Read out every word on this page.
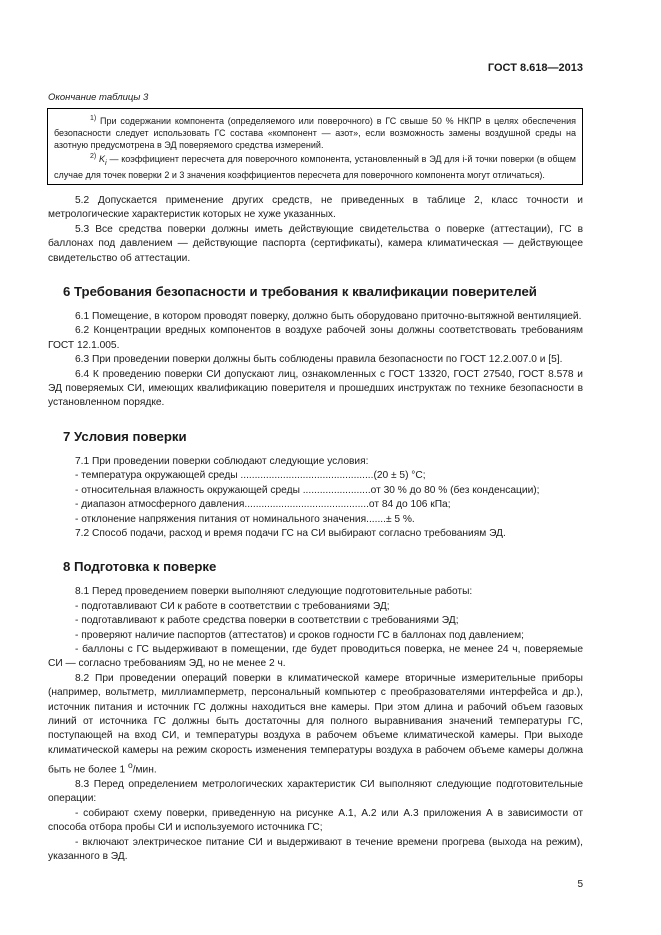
ГОСТ 8.618—2013
Окончание таблицы 3

$^{1)}$ При содержании компонента (определяемого или поверочного) в ГС свыше 50 % НКПР в целях обеспечения безопасности следует использовать ГС состава «компонент — азот», если возможность замены воздушной среды на азотную предусмотрена в ЭД поверяемого средства измерений.

$^{2)}$ $K_i$ — коэффициент пересчета для поверочного компонента, установленный в ЭД для i-й точки поверки (в общем случае для точек поверки 2 и 3 значения коэффициентов пересчета для поверочного компонента могут отличаться).

5.2 Допускается применение других средств, не приведенных в таблице 2, класс точности и метрологические характеристик которых не хуже указанных.

5.3 Все средства поверки должны иметь действующие свидетельства о поверке (аттестации), ГС в баллонах под давлением — действующие паспорта (сертификаты), камера климатическая — действующее свидетельство об аттестации.

6 Требования безопасности и требования к квалификации поверителей

6.1 Помещение, в котором проводят поверку, должно быть оборудовано приточно-вытяжной вентиляцией.

6.2 Концентрации вредных компонентов в воздухе рабочей зоны должны соответствовать требованиям ГОСТ 12.1.005.

6.3 При проведении поверки должны быть соблюдены правила безопасности по ГОСТ 12.2.007.0 и [5].

6.4 К проведению поверки СИ допускают лиц, ознакомленных с ГОСТ 13320, ГОСТ 27540, ГОСТ 8.578 и ЭД поверяемых СИ, имеющих квалификацию поверителя и прошедших инструктаж по технике безопасности в установленном порядке.

7 Условия поверки

7.1 При проведении поверки соблюдают следующие условия:

- температура окружающей среды ...............................................(20 ± 5) °С;

- относительная влажность окружающей среды ........................от 30 % до 80 % (без конденсации);

- диапазон атмосферного давления............................................от 84 до 106 кПа;

- отклонение напряжения питания от номинального значения.......± 5 %.

7.2 Способ подачи, расход и время подачи ГС на СИ выбирают согласно требованиям ЭД.

8 Подготовка к поверке

8.1 Перед проведением поверки выполняют следующие подготовительные работы:

- подготавливают СИ к работе в соответствии с требованиями ЭД;

- подготавливают к работе средства поверки в соответствии с требованиями ЭД;

- проверяют наличие паспортов (аттестатов) и сроков годности ГС в баллонах под давлением;

- баллоны с ГС выдерживают в помещении, где будет проводиться поверка, не менее 24 ч, поверяемые СИ — согласно требованиям ЭД, но не менее 2 ч.

8.2 При проведении операций поверки в климатической камере вторичные измерительные приборы (например, вольтметр, миллиамперметр, персональный компьютер с преобразователями интерфейса и др.), источник питания и источник ГС должны находиться вне камеры. При этом длина и рабочий объем газовых линий от источника ГС должны быть достаточны для полного выравнивания значений температуры ГС, поступающей на вход СИ, и температуры воздуха в рабочем объеме климатической камеры. При выходе климатической камеры на режим скорость изменения температуры воздуха в рабочем объеме камеры должна быть не более 1 $^о$/мин.

8.3 Перед определением метрологических характеристик СИ выполняют следующие подготовительные операции:

- собирают схему поверки, приведенную на рисунке А.1, А.2 или А.3 приложения А в зависимости от способа отбора пробы СИ и используемого источника ГС;

- включают электрическое питание СИ и выдерживают в течение времени прогрева (выхода на режим), указанного в ЭД.

5
